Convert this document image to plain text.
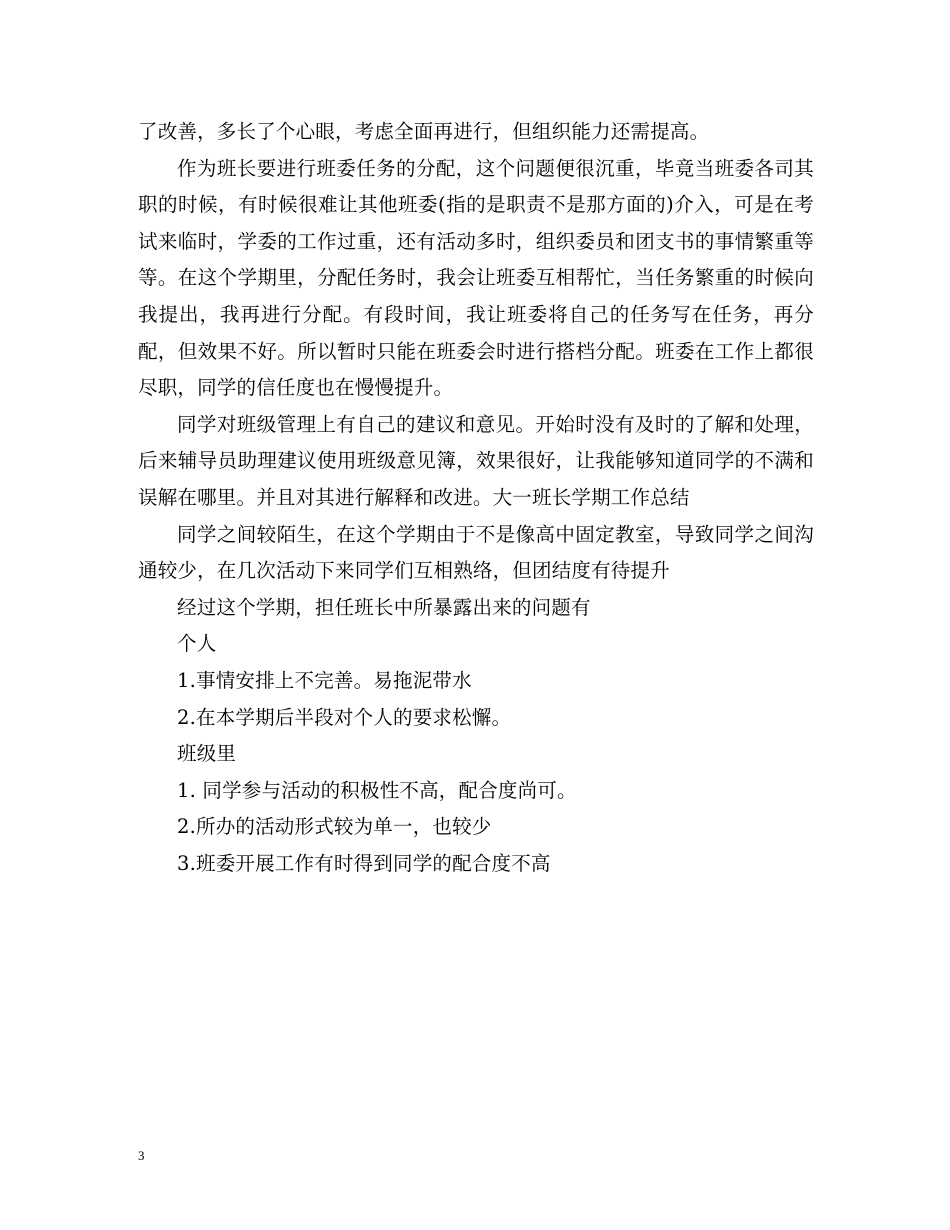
了改善，多长了个心眼，考虑全面再进行，但组织能力还需提高。

作为班长要进行班委任务的分配，这个问题便很沉重，毕竟当班委各司其职的时候，有时候很难让其他班委(指的是职责不是那方面的)介入，可是在考试来临时，学委的工作过重，还有活动多时，组织委员和团支书的事情繁重等等。在这个学期里，分配任务时，我会让班委互相帮忙，当任务繁重的时候向我提出，我再进行分配。有段时间，我让班委将自己的任务写在任务，再分配，但效果不好。所以暂时只能在班委会时进行搭档分配。班委在工作上都很尽职，同学的信任度也在慢慢提升。

同学对班级管理上有自己的建议和意见。开始时没有及时的了解和处理，后来辅导员助理建议使用班级意见簿，效果很好，让我能够知道同学的不满和误解在哪里。并且对其进行解释和改进。大一班长学期工作总结

同学之间较陌生，在这个学期由于不是像高中固定教室，导致同学之间沟通较少，在几次活动下来同学们互相熟络，但团结度有待提升

经过这个学期，担任班长中所暴露出来的问题有

个人

1.事情安排上不完善。易拖泥带水

2.在本学期后半段对个人的要求松懈。

班级里

1. 同学参与活动的积极性不高，配合度尚可。

2.所办的活动形式较为单一，也较少

3.班委开展工作有时得到同学的配合度不高

3
